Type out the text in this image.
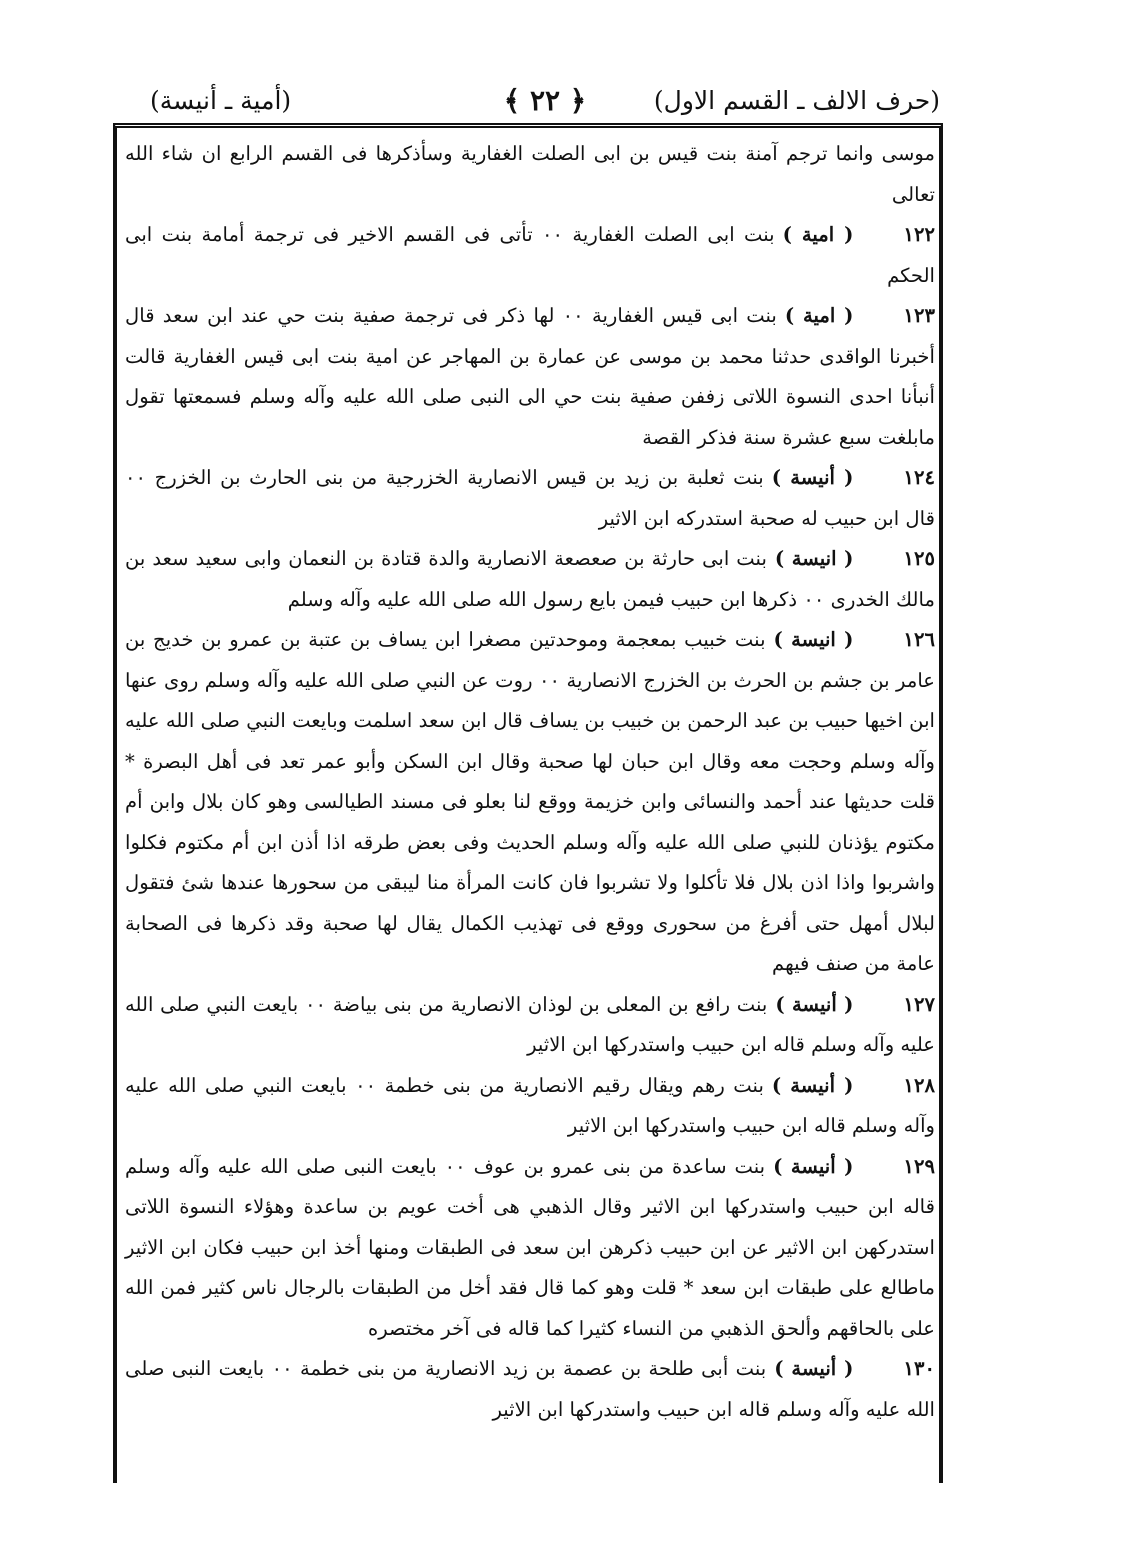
(حرف الالف ـ القسم الاول)
﴿ ٢٢ ﴾
(أمية ـ أنيسة)

موسى وانما ترجم آمنة بنت قيس بن ابى الصلت الغفارية وسأذكرها فى القسم الرابع ان شاء الله تعالى

١٢٢( امية )بنت ابى الصلت الغفارية ٠٠ تأتى فى القسم الاخير فى ترجمة أمامة بنت ابى الحكم

١٢٣( امية )بنت ابى قيس الغفارية ٠٠ لها ذكر فى ترجمة صفية بنت حي عند ابن سعد قال أخبرنا الواقدى حدثنا محمد بن موسى عن عمارة بن المهاجر عن امية بنت ابى قيس الغفارية قالت أنبأنا احدى النسوة اللاتى زففن صفية بنت حي الى النبى صلى الله عليه وآله وسلم فسمعتها تقول مابلغت سبع عشرة سنة فذكر القصة

١٢٤( أنيسة )بنت ثعلبة بن زيد بن قيس الانصارية الخزرجية من بنى الحارث بن الخزرج ٠٠ قال ابن حبيب له صحبة استدركه ابن الاثير

١٢٥( انيسة )بنت ابى حارثة بن صعصعة الانصارية والدة قتادة بن النعمان وابى سعيد سعد بن مالك الخدرى ٠٠ ذكرها ابن حبيب فيمن بايع رسول الله صلى الله عليه وآله وسلم

١٢٦( انيسة )بنت خبيب بمعجمة وموحدتين مصغرا ابن يساف بن عتبة بن عمرو بن خديج بن عامر بن جشم بن الحرث بن الخزرج الانصارية ٠٠ روت عن النبي صلى الله عليه وآله وسلم روى عنها ابن اخيها حبيب بن عبد الرحمن بن خبيب بن يساف قال ابن سعد اسلمت وبايعت النبي صلى الله عليه وآله وسلم وحجت معه وقال ابن حبان لها صحبة وقال ابن السكن وأبو عمر تعد فى أهل البصرة * قلت حديثها عند أحمد والنسائى وابن خزيمة ووقع لنا بعلو فى مسند الطيالسى وهو كان بلال وابن أم مكتوم يؤذنان للنبي صلى الله عليه وآله وسلم الحديث وفى بعض طرقه اذا أذن ابن أم مكتوم فكلوا واشربوا واذا اذن بلال فلا تأكلوا ولا تشربوا فان كانت المرأة منا ليبقى من سحورها عندها شئ فتقول لبلال أمهل حتى أفرغ من سحورى ووقع فى تهذيب الكمال يقال لها صحبة وقد ذكرها فى الصحابة عامة من صنف فيهم

١٢٧( أنيسة )بنت رافع بن المعلى بن لوذان الانصارية من بنى بياضة ٠٠ بايعت النبي صلى الله عليه وآله وسلم قاله ابن حبيب واستدركها ابن الاثير

١٢٨( أنيسة )بنت رهم ويقال رقيم الانصارية من بنى خطمة ٠٠ بايعت النبي صلى الله عليه وآله وسلم قاله ابن حبيب واستدركها ابن الاثير

١٢٩( أنيسة )بنت ساعدة من بنى عمرو بن عوف ٠٠ بايعت النبى صلى الله عليه وآله وسلم قاله ابن حبيب واستدركها ابن الاثير وقال الذهبي هى أخت عويم بن ساعدة وهؤلاء النسوة اللاتى استدركهن ابن الاثير عن ابن حبيب ذكرهن ابن سعد فى الطبقات ومنها أخذ ابن حبيب فكان ابن الاثير ماطالع على طبقات ابن سعد * قلت وهو كما قال فقد أخل من الطبقات بالرجال ناس كثير فمن الله على بالحاقهم وألحق الذهبي من النساء كثيرا كما قاله فى آخر مختصره

١٣٠( أنيسة )بنت أبى طلحة بن عصمة بن زيد الانصارية من بنى خطمة ٠٠ بايعت النبى صلى الله عليه وآله وسلم قاله ابن حبيب واستدركها ابن الاثير
